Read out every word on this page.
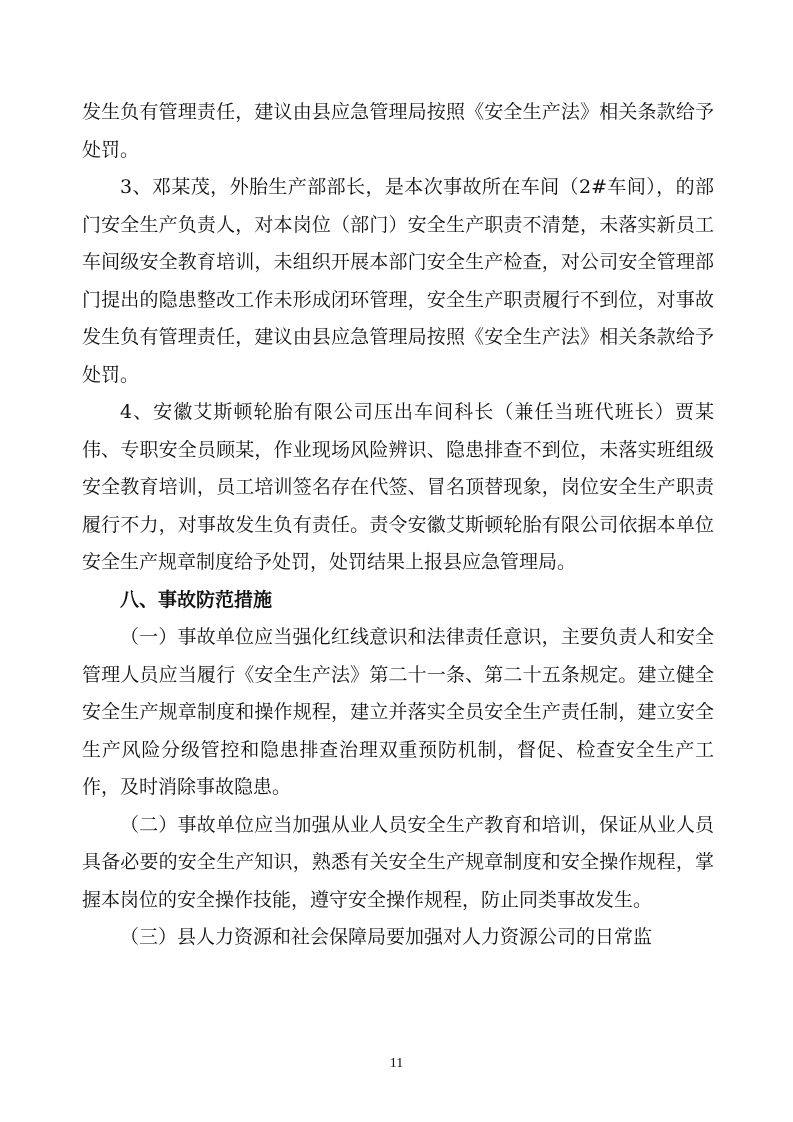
发生负有管理责任，建议由县应急管理局按照《安全生产法》相关条款给予处罚。

3、邓某茂，外胎生产部部长，是本次事故所在车间（2#车间），的部门安全生产负责人，对本岗位（部门）安全生产职责不清楚，未落实新员工车间级安全教育培训，未组织开展本部门安全生产检查，对公司安全管理部门提出的隐患整改工作未形成闭环管理，安全生产职责履行不到位，对事故发生负有管理责任，建议由县应急管理局按照《安全生产法》相关条款给予处罚。

4、安徽艾斯顿轮胎有限公司压出车间科长（兼任当班代班长）贾某伟、专职安全员顾某，作业现场风险辨识、隐患排查不到位，未落实班组级安全教育培训，员工培训签名存在代签、冒名顶替现象，岗位安全生产职责履行不力，对事故发生负有责任。责令安徽艾斯顿轮胎有限公司依据本单位安全生产规章制度给予处罚，处罚结果上报县应急管理局。

八、事故防范措施

（一）事故单位应当强化红线意识和法律责任意识，主要负责人和安全管理人员应当履行《安全生产法》第二十一条、第二十五条规定。建立健全安全生产规章制度和操作规程，建立并落实全员安全生产责任制，建立安全生产风险分级管控和隐患排查治理双重预防机制，督促、检查安全生产工作，及时消除事故隐患。

（二）事故单位应当加强从业人员安全生产教育和培训，保证从业人员具备必要的安全生产知识，熟悉有关安全生产规章制度和安全操作规程，掌握本岗位的安全操作技能，遵守安全操作规程，防止同类事故发生。

（三）县人力资源和社会保障局要加强对人力资源公司的日常监

11
